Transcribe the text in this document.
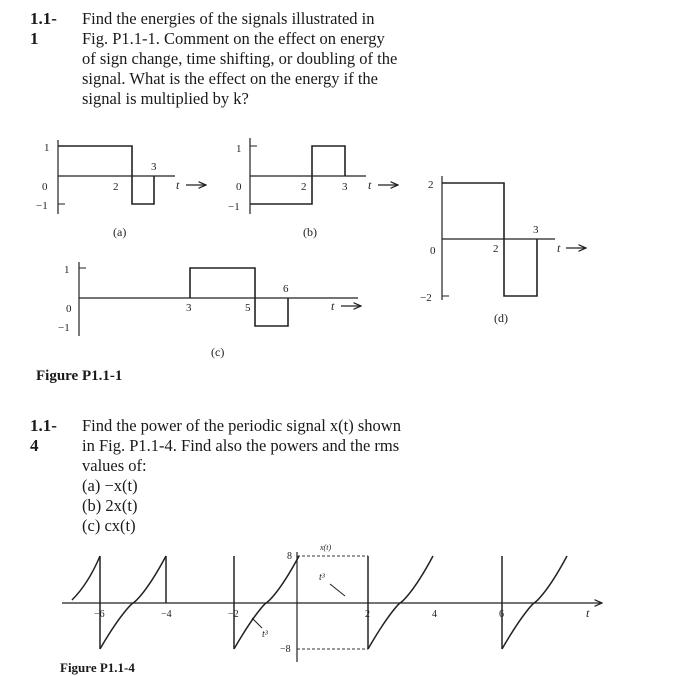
1.1-1
Find the energies of the signals illustrated in
Fig. P1.1-1. Comment on the effect on energy
of sign change, time shifting, or doubling of the
signal. What is the effect on the energy if the
signal is multiplied by k?
Figure P1.1-1
1.1-4
Find the power of the periodic signal x(t) shown
in Fig. P1.1-4. Find also the powers and the rms
values of:
(a) −x(t)
(b) 2x(t)
(c) cx(t)
Figure P1.1-4
1
0
−1
2
3
t
(a)
1
0
−1
2	3 t
(b)
1
0
−1
3	5
6
t
(c)
2
0
−2
2
3
t
(d)
t
−6	−4	−2	2	4	6
8
−8
t³
t³
x(t)
